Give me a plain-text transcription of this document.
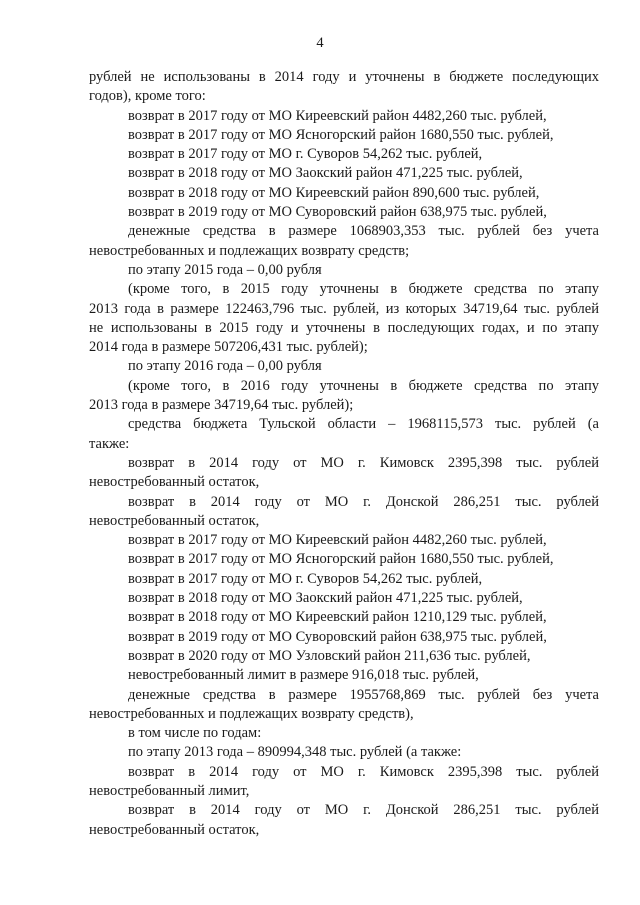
4
рублей не использованы в 2014 году и уточнены в бюджете последующих
годов), кроме того:
возврат в 2017 году от МО Киреевский район 4482,260 тыс. рублей,
возврат в 2017 году от МО Ясногорский район 1680,550 тыс. рублей,
возврат в 2017 году от МО г. Суворов 54,262 тыс. рублей,
возврат в 2018 году от МО Заокский район 471,225 тыс. рублей,
возврат в 2018 году от МО Киреевский район 890,600 тыс. рублей,
возврат в 2019 году от МО Суворовский район 638,975 тыс. рублей,
денежные средства в размере 1068903,353 тыс. рублей без учета
невостребованных и подлежащих возврату средств;
по этапу 2015 года – 0,00 рубля
(кроме того, в 2015 году уточнены в бюджете средства по этапу
2013 года в размере 122463,796 тыс. рублей, из которых 34719,64 тыс. рублей
не использованы в 2015 году и уточнены в последующих годах, и по этапу
2014 года в размере 507206,431 тыс. рублей);
по этапу 2016 года – 0,00 рубля
(кроме того, в 2016 году уточнены в бюджете средства по этапу
2013 года в размере 34719,64 тыс. рублей);
средства бюджета Тульской области – 1968115,573 тыс. рублей (а
также:
возврат в 2014 году от МО г. Кимовск 2395,398 тыс. рублей
невостребованный остаток,
возврат в 2014 году от МО г. Донской 286,251 тыс. рублей
невостребованный остаток,
возврат в 2017 году от МО Киреевский район 4482,260 тыс. рублей,
возврат в 2017 году от МО Ясногорский район 1680,550 тыс. рублей,
возврат в 2017 году от МО г. Суворов 54,262 тыс. рублей,
возврат в 2018 году от МО Заокский район 471,225 тыс. рублей,
возврат в 2018 году от МО Киреевский район 1210,129 тыс. рублей,
возврат в 2019 году от МО Суворовский район 638,975 тыс. рублей,
возврат в 2020 году от МО Узловский район 211,636 тыс. рублей,
невостребованный лимит в размере 916,018 тыс. рублей,
денежные средства в размере 1955768,869 тыс. рублей без учета
невостребованных и подлежащих возврату средств),
в том числе по годам:
по этапу 2013 года – 890994,348 тыс. рублей (а также:
возврат в 2014 году от МО г. Кимовск 2395,398 тыс. рублей
невостребованный лимит,
возврат в 2014 году от МО г. Донской 286,251 тыс. рублей
невостребованный остаток,
